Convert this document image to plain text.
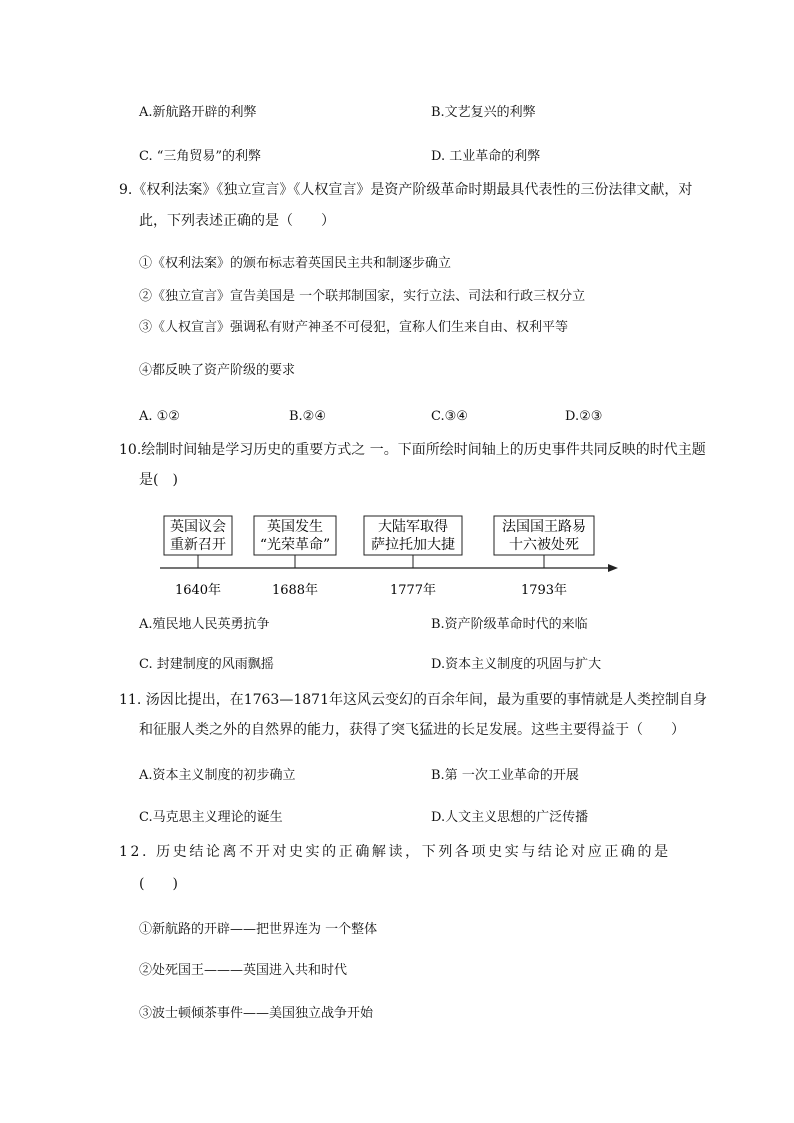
A.新航路开辟的利弊	B.文艺复兴的利弊
C. “三角贸易”的利弊	D. 工业革命的利弊
9.《权利法案》《独立宣言》《人权宣言》是资产阶级革命时期最具代表性的三份法律文献，对
此，下列表述正确的是（　　）
①《权利法案》的颁布标志着英国民主共和制逐步确立
②《独立宣言》宣告美国是 一个联邦制国家，实行立法、司法和行政三权分立
③《人权宣言》强调私有财产神圣不可侵犯，宣称人们生来自由、权利平等
④都反映了资产阶级的要求
A. ①②	B.②④	C.③④	D.②③
10.绘制时间轴是学习历史的重要方式之 一。下面所绘时间轴上的历史事件共同反映的时代主题
是(　)
英国议会
重新召开
1640年
英国发生
“光荣革命”
1688年
大陆军取得
萨拉托加大捷
1777年
法国国王路易
十六被处死
1793年
A.殖民地人民英勇抗争	B.资产阶级革命时代的来临
C. 封建制度的风雨飘摇	D.资本主义制度的巩固与扩大
11. 汤因比提出，在1763—1871年这风云变幻的百余年间，最为重要的事情就是人类控制自身
和征服人类之外的自然界的能力，获得了突飞猛进的长足发展。这些主要得益于（　　）
A.资本主义制度的初步确立	B.第 一次工业革命的开展
C.马克思主义理论的诞生	D.人文主义思想的广泛传播
12. 历史结论离不开对史实的正确解读，下列各项史实与结论对应正确的是
(　　)
①新航路的开辟——把世界连为 一个整体
②处死国王———英国进入共和时代
③波士顿倾茶事件——美国独立战争开始
